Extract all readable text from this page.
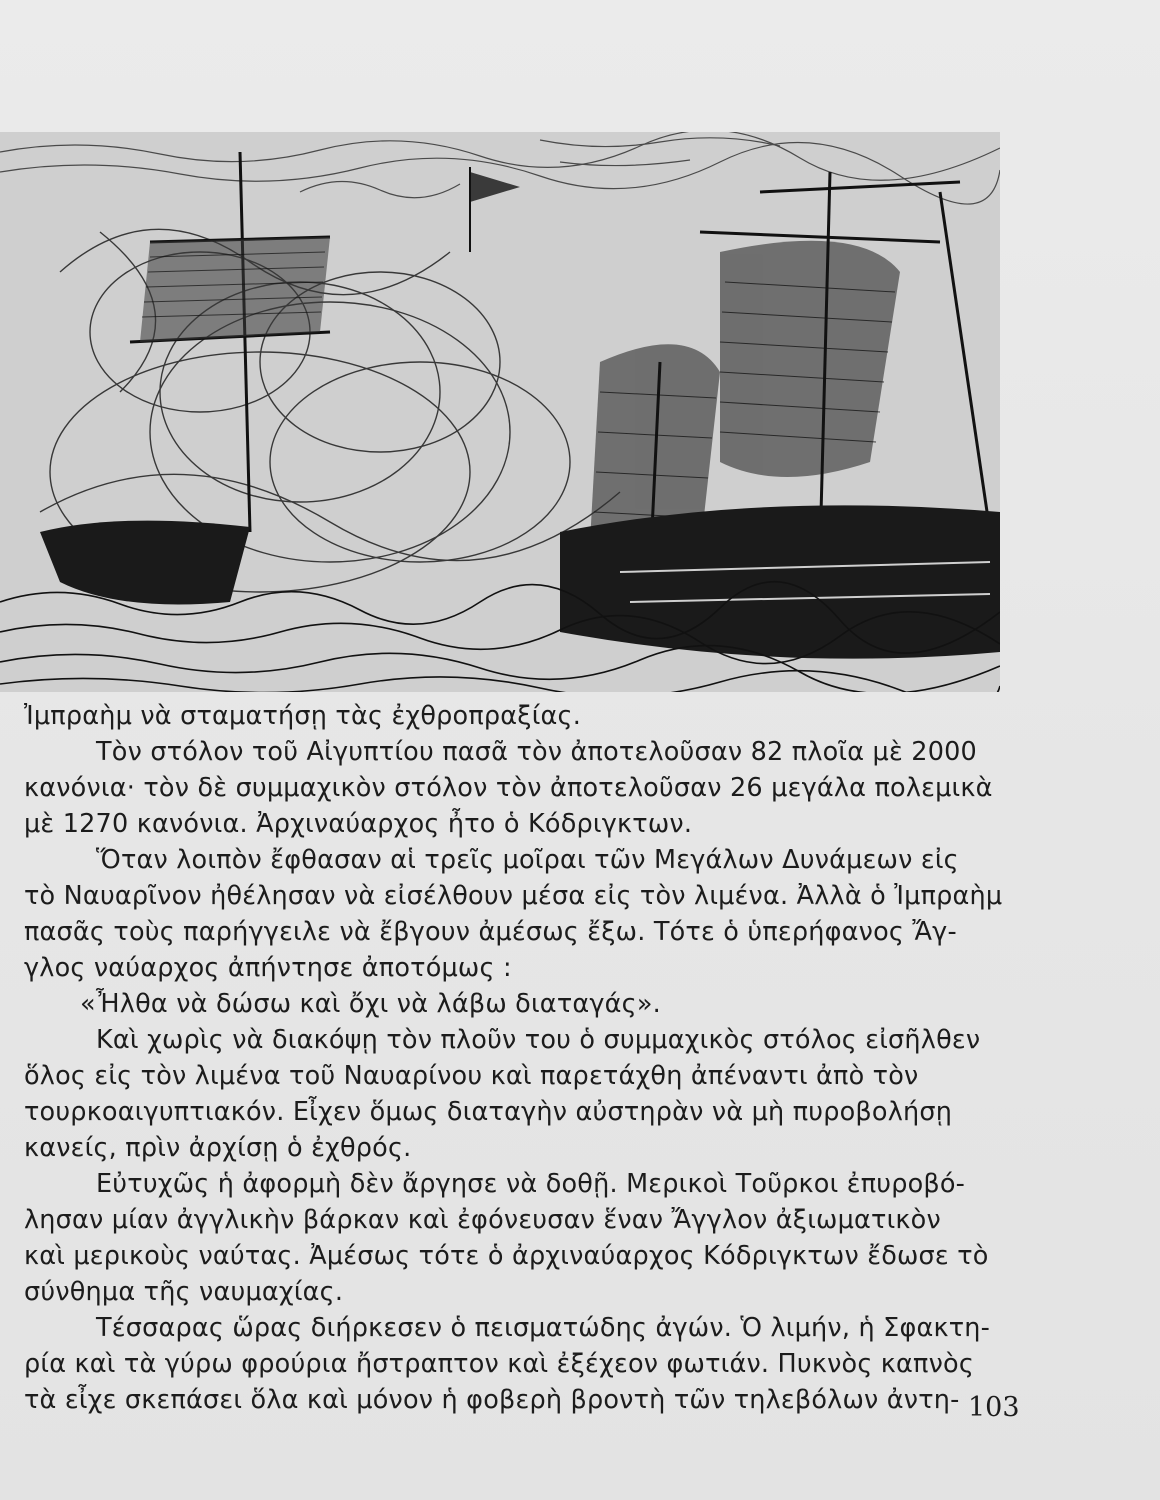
Ἰμπραὴμ νὰ σταματήσῃ τὰς ἐχθροπραξίας.
Τὸν στόλον τοῦ Αἰγυπτίου πασᾶ τὸν ἀποτελοῦσαν 82 πλοῖα μὲ 2000
κανόνια· τὸν δὲ συμμαχικὸν στόλον τὸν ἀποτελοῦσαν 26 μεγάλα πολεμικὰ
μὲ 1270 κανόνια. Ἀρχιναύαρχος ἦτο ὁ Κόδριγκτων.
Ὅταν λοιπὸν ἔφθασαν αἱ τρεῖς μοῖραι τῶν Μεγάλων Δυνάμεων εἰς
τὸ Ναυαρῖνον ἠθέλησαν νὰ εἰσέλθουν μέσα εἰς τὸν λιμένα. Ἀλλὰ ὁ Ἰμπραὴμ
πασᾶς τοὺς παρήγγειλε νὰ ἔβγουν ἀμέσως ἔξω. Τότε ὁ ὑπερήφανος Ἄγ-
γλος ναύαρχος ἀπήντησε ἀποτόμως :
«Ἦλθα νὰ δώσω καὶ ὄχι νὰ λάβω διαταγάς».
Καὶ χωρὶς νὰ διακόψῃ τὸν πλοῦν του ὁ συμμαχικὸς στόλος εἰσῆλθεν
ὅλος εἰς τὸν λιμένα τοῦ Ναυαρίνου καὶ παρετάχθη ἀπέναντι ἀπὸ τὸν
τουρκοαιγυπτιακόν. Εἶχεν ὅμως διαταγὴν αὐστηρὰν νὰ μὴ πυροβολήσῃ
κανείς, πρὶν ἀρχίσῃ ὁ ἐχθρός.
Εὐτυχῶς ἡ ἀφορμὴ δὲν ἄργησε νὰ δοθῇ. Μερικοὶ Τοῦρκοι ἐπυροβό-
λησαν μίαν ἀγγλικὴν βάρκαν καὶ ἐφόνευσαν ἕναν Ἄγγλον ἀξιωματικὸν
καὶ μερικοὺς ναύτας. Ἀμέσως τότε ὁ ἀρχιναύαρχος Κόδριγκτων ἔδωσε τὸ
σύνθημα τῆς ναυμαχίας.
Τέσσαρας ὥρας διήρκεσεν ὁ πεισματώδης ἀγών. Ὁ λιμήν, ἡ Σφακτη-
ρία καὶ τὰ γύρω φρούρια ἤστραπτον καὶ ἐξέχεον φωτιάν. Πυκνὸς καπνὸς
τὰ εἶχε σκεπάσει ὅλα καὶ μόνον ἡ φοβερὴ βροντὴ τῶν τηλεβόλων ἀντη- 103
